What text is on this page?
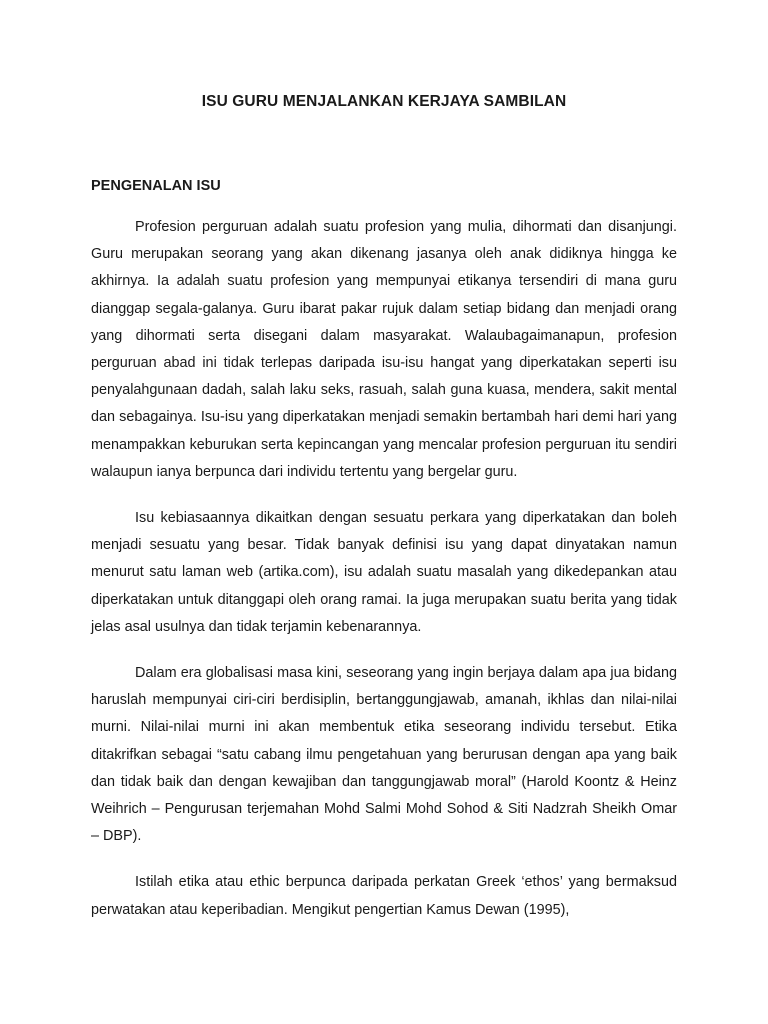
ISU GURU MENJALANKAN KERJAYA SAMBILAN
PENGENALAN ISU

Profesion perguruan adalah suatu profesion yang mulia, dihormati dan disanjungi. Guru merupakan seorang yang akan dikenang jasanya oleh anak didiknya hingga ke akhirnya. Ia adalah suatu profesion yang mempunyai etikanya tersendiri di mana guru dianggap segala-galanya. Guru ibarat pakar rujuk dalam setiap bidang dan menjadi orang yang dihormati serta disegani dalam masyarakat. Walaubagaimanapun, profesion perguruan abad ini tidak terlepas daripada isu-isu hangat yang diperkatakan seperti isu penyalahgunaan dadah, salah laku seks, rasuah, salah guna kuasa, mendera, sakit mental dan sebagainya. Isu-isu yang diperkatakan menjadi semakin bertambah hari demi hari yang menampakkan keburukan serta kepincangan yang mencalar profesion perguruan itu sendiri walaupun ianya berpunca dari individu tertentu yang bergelar guru.

Isu kebiasaannya dikaitkan dengan sesuatu perkara yang diperkatakan dan boleh menjadi sesuatu yang besar. Tidak banyak definisi isu yang dapat dinyatakan namun menurut satu laman web (artika.com), isu adalah suatu masalah yang dikedepankan atau diperkatakan untuk ditanggapi oleh orang ramai. Ia juga merupakan suatu berita yang tidak jelas asal usulnya dan tidak terjamin kebenarannya.

Dalam era globalisasi masa kini, seseorang yang ingin berjaya dalam apa jua bidang haruslah mempunyai ciri-ciri berdisiplin, bertanggungjawab, amanah, ikhlas dan nilai-nilai murni. Nilai-nilai murni ini akan membentuk etika seseorang individu tersebut. Etika ditakrifkan sebagai “satu cabang ilmu pengetahuan yang berurusan dengan apa yang baik dan tidak baik dan dengan kewajiban dan tanggungjawab moral” (Harold Koontz & Heinz Weihrich – Pengurusan terjemahan Mohd Salmi Mohd Sohod & Siti Nadzrah Sheikh Omar – DBP).

Istilah etika atau ethic berpunca daripada perkatan Greek ‘ethos’ yang bermaksud perwatakan atau keperibadian. Mengikut pengertian Kamus Dewan (1995),
